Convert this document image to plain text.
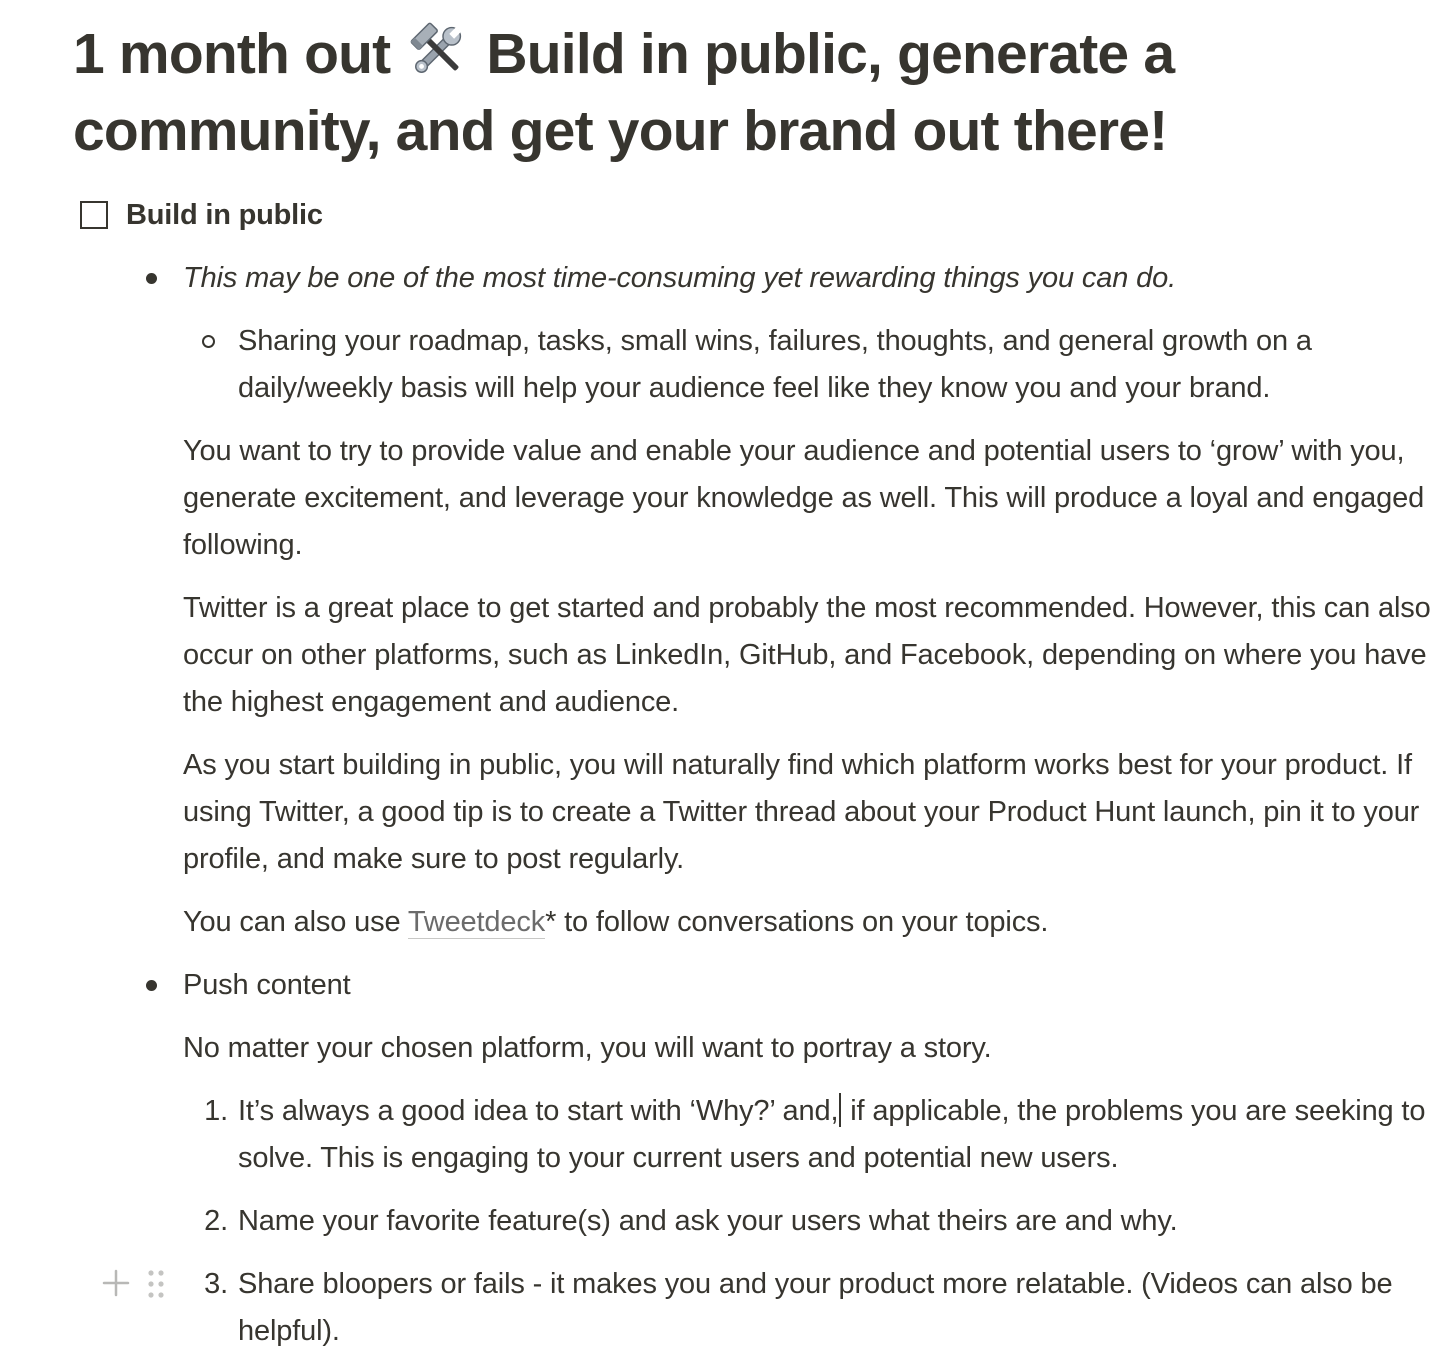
1 month out  Build in public, generate a community, and get your brand out there!
Build in public
This may be one of the most time-consuming yet rewarding things you can do.
Sharing your roadmap, tasks, small wins, failures, thoughts, and general growth on a daily/weekly basis will help your audience feel like they know you and your brand.
You want to try to provide value and enable your audience and potential users to ‘grow’ with you, generate excitement, and leverage your knowledge as well. This will produce a loyal and engaged following.
Twitter is a great place to get started and probably the most recommended. However, this can also occur on other platforms, such as LinkedIn, GitHub, and Facebook, depending on where you have the highest engagement and audience.
As you start building in public, you will naturally find which platform works best for your product. If using Twitter, a good tip is to create a Twitter thread about your Product Hunt launch, pin it to your profile, and make sure to post regularly.
You can also use Tweetdeck* to follow conversations on your topics.
Push content
No matter your chosen platform, you will want to portray a story.
1. It’s always a good idea to start with ‘Why?’ and, if applicable, the problems you are seeking to solve. This is engaging to your current users and potential new users.
2. Name your favorite feature(s) and ask your users what theirs are and why.
3. Share bloopers or fails - it makes you and your product more relatable. (Videos can also be helpful).
